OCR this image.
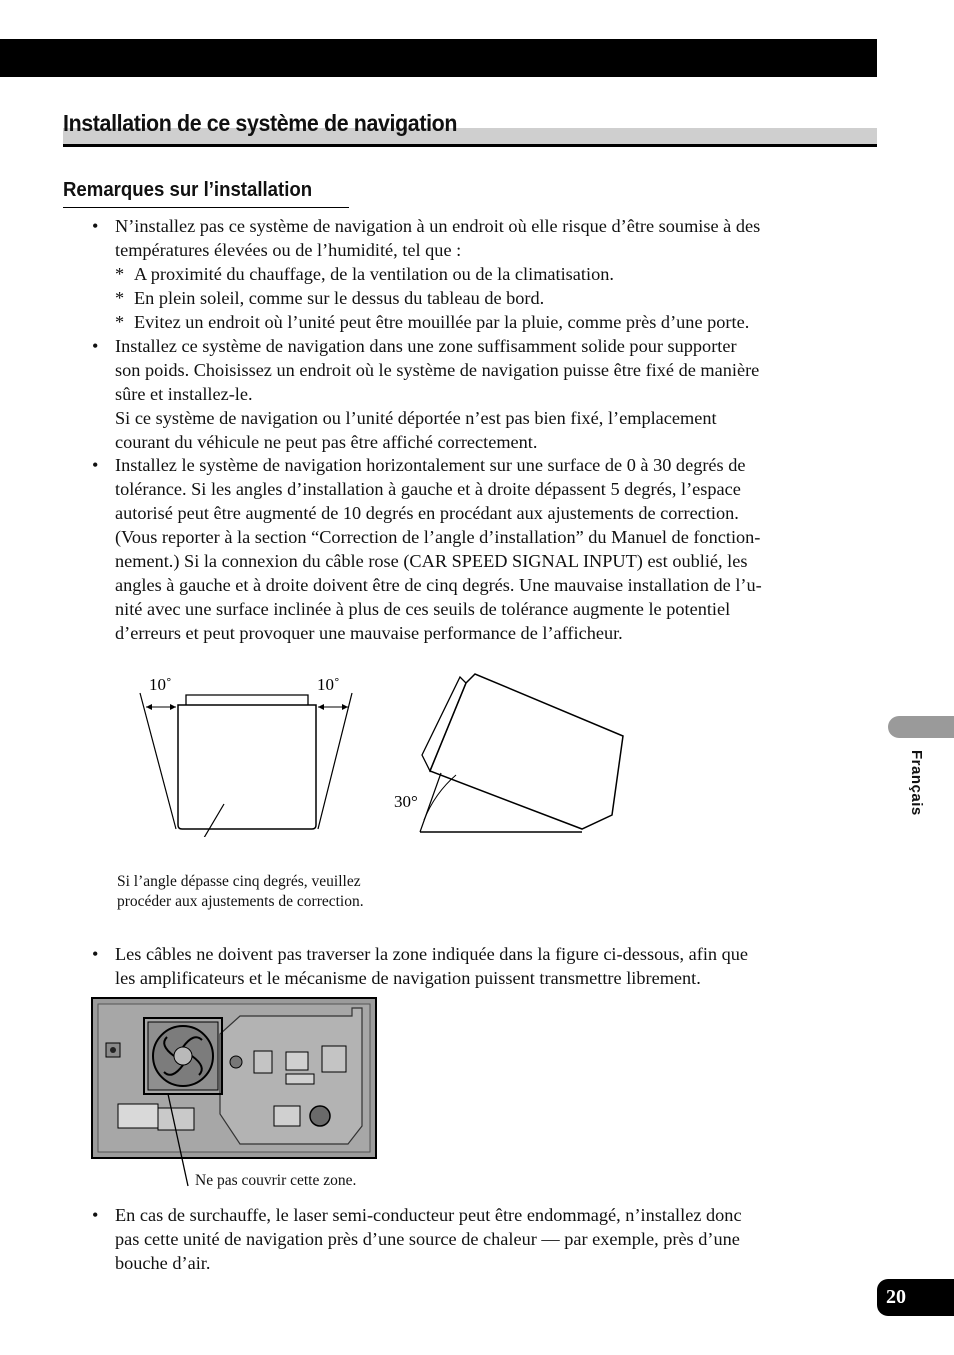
Installation de ce système de navigation
Remarques sur l’installation
• N’installez pas ce système de navigation à un endroit où elle risque d’être soumise à des
températures élevées ou de l’humidité, tel que :
* A proximité du chauffage, de la ventilation ou de la climatisation.
* En plein soleil, comme sur le dessus du tableau de bord.
* Evitez un endroit où l’unité peut être mouillée par la pluie, comme près d’une porte.
• Installez ce système de navigation dans une zone suffisamment solide pour supporter
son poids. Choisissez un endroit où le système de navigation puisse être fixé de manière
sûre et installez-le.
Si ce système de navigation ou l’unité déportée n’est pas bien fixé, l’emplacement
courant du véhicule ne peut pas être affiché correctement.
• Installez le système de navigation horizontalement sur une surface de 0 à 30 degrés de
tolérance. Si les angles d’installation à gauche et à droite dépassent 5 degrés, l’espace
autorisé peut être augmenté de 10 degrés en procédant aux ajustements de correction.
(Vous reporter à la section “Correction de l’angle d’installation” du Manuel de fonction-
nement.) Si la connexion du câble rose (CAR SPEED SIGNAL INPUT) est oublié, les
angles à gauche et à droite doivent être de cinq degrés. Une mauvaise installation de l’u-
nité avec une surface inclinée à plus de ces seuils de tolérance augmente le potentiel
d’erreurs et peut provoquer une mauvaise performance de l’afficheur.
10˚	10˚
30°
Si l’angle dépasse cinq degrés, veuillez
procéder aux ajustements de correction.
• Les câbles ne doivent pas traverser la zone indiquée dans la figure ci-dessous, afin que
les amplificateurs et le mécanisme de navigation puissent transmettre librement.
Ne pas couvrir cette zone.
• En cas de surchauffe, le laser semi-conducteur peut être endommagé, n’installez donc
pas cette unité de navigation près d’une source de chaleur — par exemple, près d’une
bouche d’air.
Français
20
